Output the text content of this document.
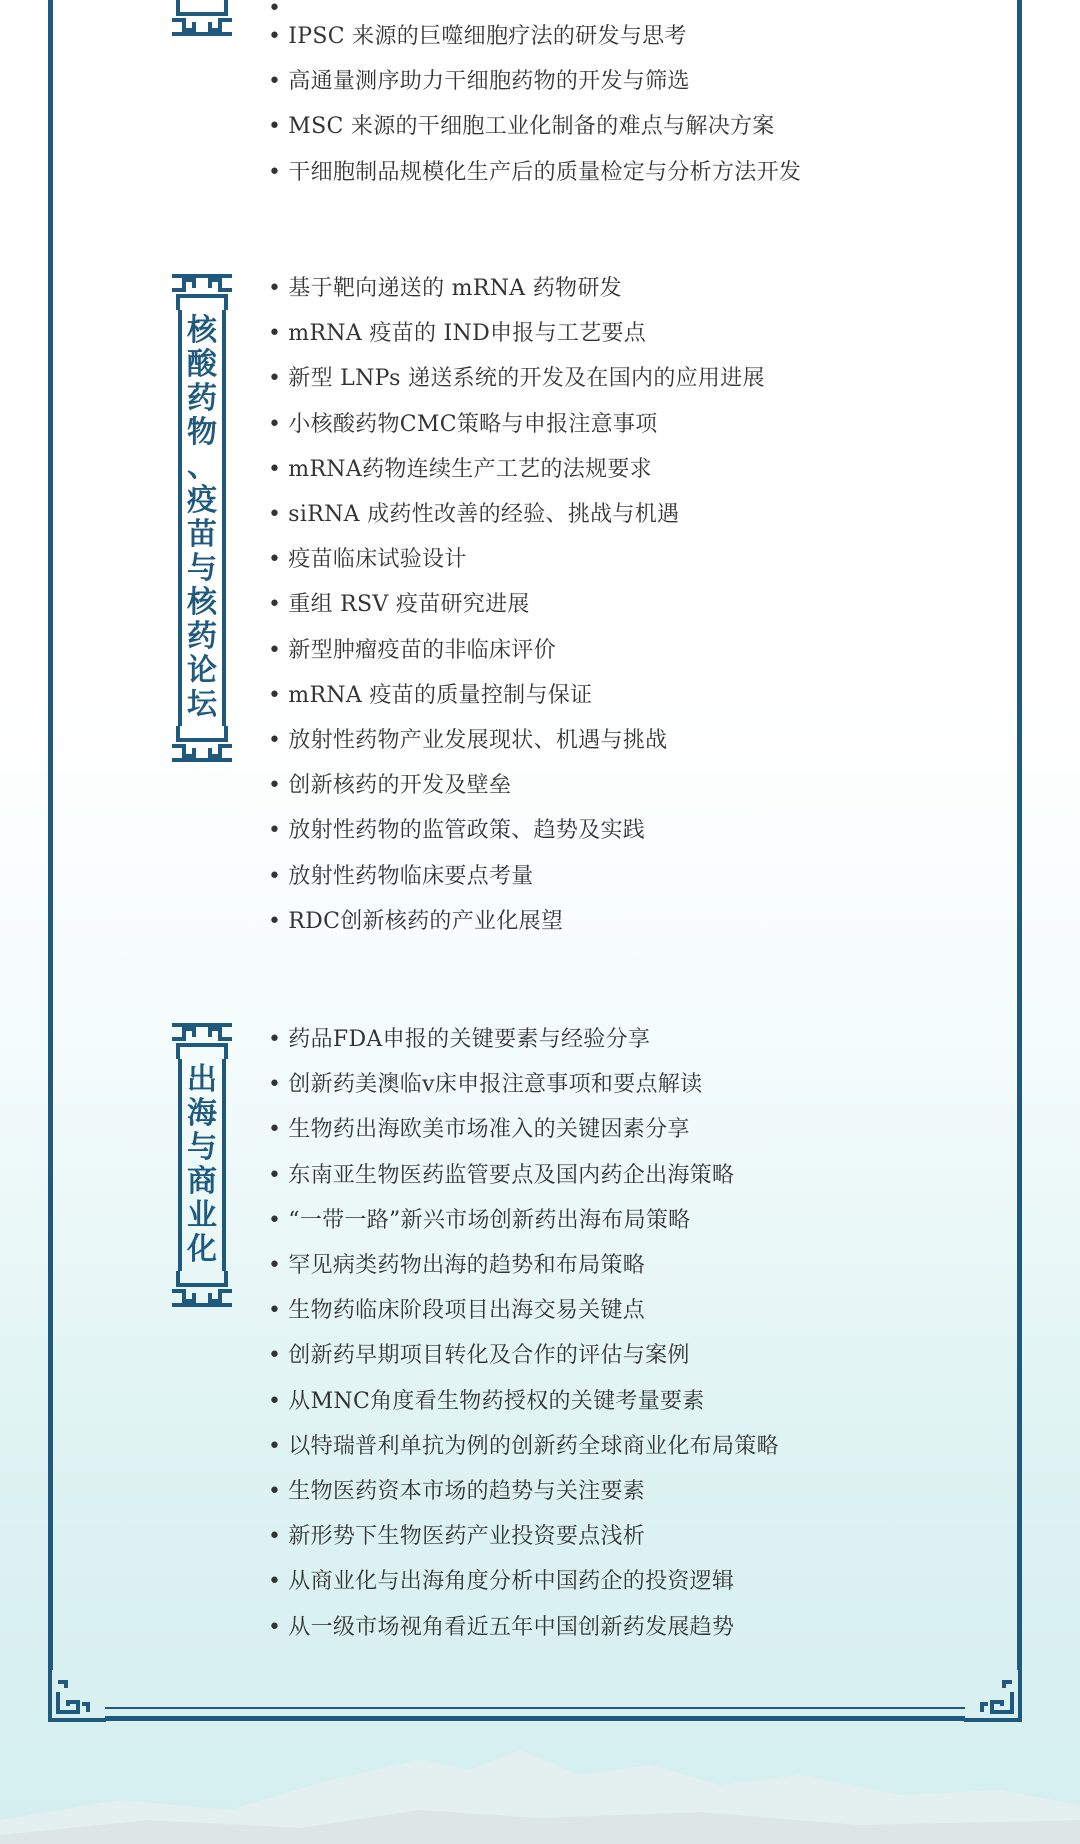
•
• IPSC 来源的巨噬细胞疗法的研发与思考
• 高通量测序助力干细胞药物的开发与筛选
• MSC 来源的干细胞工业化制备的难点与解决方案
• 干细胞制品规模化生产后的质量检定与分析方法开发
核
酸
药
物
、
疫
苗
与
核
药
论
坛
• 基于靶向递送的 mRNA 药物研发
• mRNA 疫苗的 IND申报与工艺要点
• 新型 LNPs 递送系统的开发及在国内的应用进展
• 小核酸药物CMC策略与申报注意事项
• mRNA药物连续生产工艺的法规要求
• siRNA 成药性改善的经验、挑战与机遇
• 疫苗临床试验设计
• 重组 RSV 疫苗研究进展
• 新型肿瘤疫苗的非临床评价
• mRNA 疫苗的质量控制与保证
• 放射性药物产业发展现状、机遇与挑战
• 创新核药的开发及壁垒
• 放射性药物的监管政策、趋势及实践
• 放射性药物临床要点考量
• RDC创新核药的产业化展望
出
海
与
商
业
化
• 药品FDA申报的关键要素与经验分享
• 创新药美澳临v床申报注意事项和要点解读
• 生物药出海欧美市场准入的关键因素分享
• 东南亚生物医药监管要点及国内药企出海策略
• “一带一路”新兴市场创新药出海布局策略
• 罕见病类药物出海的趋势和布局策略
• 生物药临床阶段项目出海交易关键点
• 创新药早期项目转化及合作的评估与案例
• 从MNC角度看生物药授权的关键考量要素
• 以特瑞普利单抗为例的创新药全球商业化布局策略
• 生物医药资本市场的趋势与关注要素
• 新形势下生物医药产业投资要点浅析
• 从商业化与出海角度分析中国药企的投资逻辑
• 从一级市场视角看近五年中国创新药发展趋势
